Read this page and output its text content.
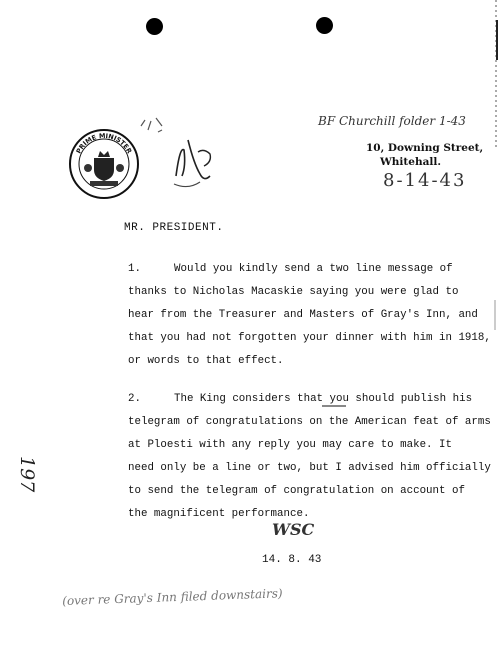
BF Churchill folder 1-43
PRIME MINISTER	10, Downing Street,
Whitehall.
8-14-43
MR. PRESIDENT.
1.	Would you kindly send a two line message of
thanks to Nicholas Macaskie saying you were glad to
hear from the Treasurer and Masters of Gray's Inn, and
that you had not forgotten your dinner with him in 1918,
or words to that effect.
2.	The King considers that you should publish his
telegram of congratulations on the American feat of arms
at Ploesti with any reply you may care to make. It
need only be a line or two, but I advised him officially
to send the telegram of congratulation on account of
the magnificent performance.
WSC
14. 8. 43
197
(over re Gray's Inn filed downstairs)
